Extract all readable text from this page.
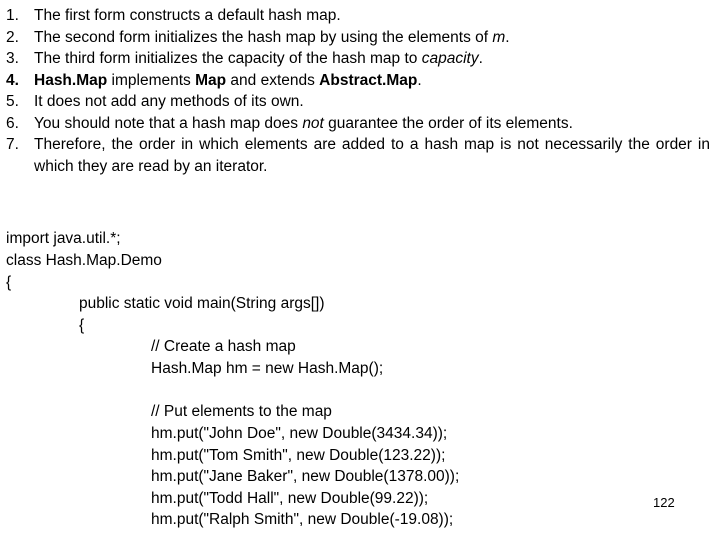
1. The first form constructs a default hash map.
2. The second form initializes the hash map by using the elements of m.
3. The third form initializes the capacity of the hash map to capacity.
4. Hash.Map implements Map and extends Abstract.Map.
5. It does not add any methods of its own.
6. You should note that a hash map does not guarantee the order of its elements.
7. Therefore, the order in which elements are added to a hash map is not necessarily the order in which they are read by an iterator.
import java.util.*;
class Hash.Map.Demo
{
public static void main(String args[])
{
// Create a hash map
Hash.Map hm = new Hash.Map();
// Put elements to the map
hm.put("John Doe", new Double(3434.34));
hm.put("Tom Smith", new Double(123.22));
hm.put("Jane Baker", new Double(1378.00));
hm.put("Todd Hall", new Double(99.22));
hm.put("Ralph Smith", new Double(-19.08));
122
